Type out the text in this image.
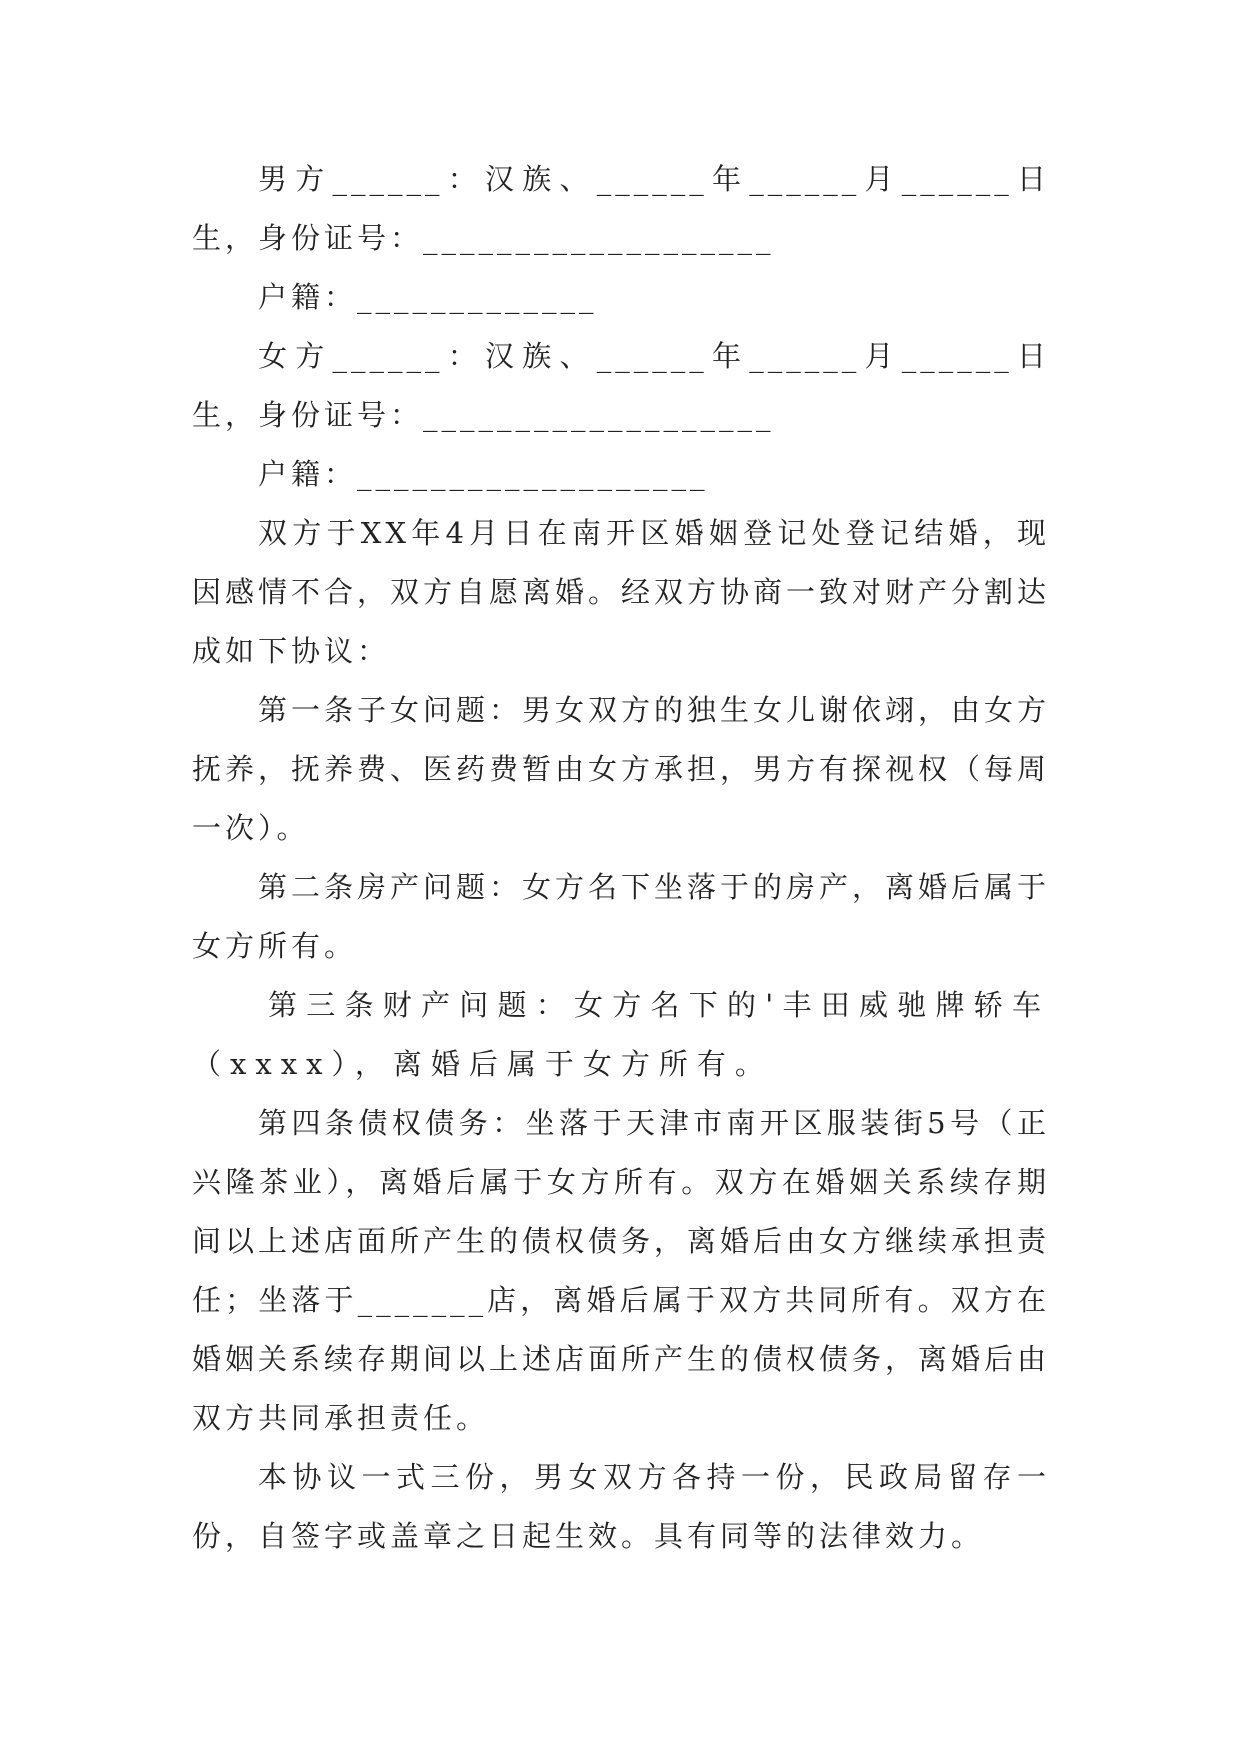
男方______：汉族、______年______月______日生，身份证号：___________________

户籍：_____________

女方______：汉族、______年______月______日生，身份证号：___________________

户籍：___________________

双方于XX年4月日在南开区婚姻登记处登记结婚，现因感情不合，双方自愿离婚。经双方协商一致对财产分割达成如下协议：

第一条子女问题：男女双方的独生女儿谢依翊，由女方抚养，抚养费、医药费暂由女方承担，男方有探视权（每周一次）。

第二条房产问题：女方名下坐落于的房产，离婚后属于女方所有。

第三条财产问题：女方名下的'丰田威驰牌轿车（xxxx），离婚后属于女方所有。

第四条债权债务：坐落于天津市南开区服装街5号（正兴隆茶业），离婚后属于女方所有。双方在婚姻关系续存期间以上述店面所产生的债权债务，离婚后由女方继续承担责任；坐落于_______店，离婚后属于双方共同所有。双方在婚姻关系续存期间以上述店面所产生的债权债务，离婚后由双方共同承担责任。

本协议一式三份，男女双方各持一份，民政局留存一份，自签字或盖章之日起生效。具有同等的法律效力。
